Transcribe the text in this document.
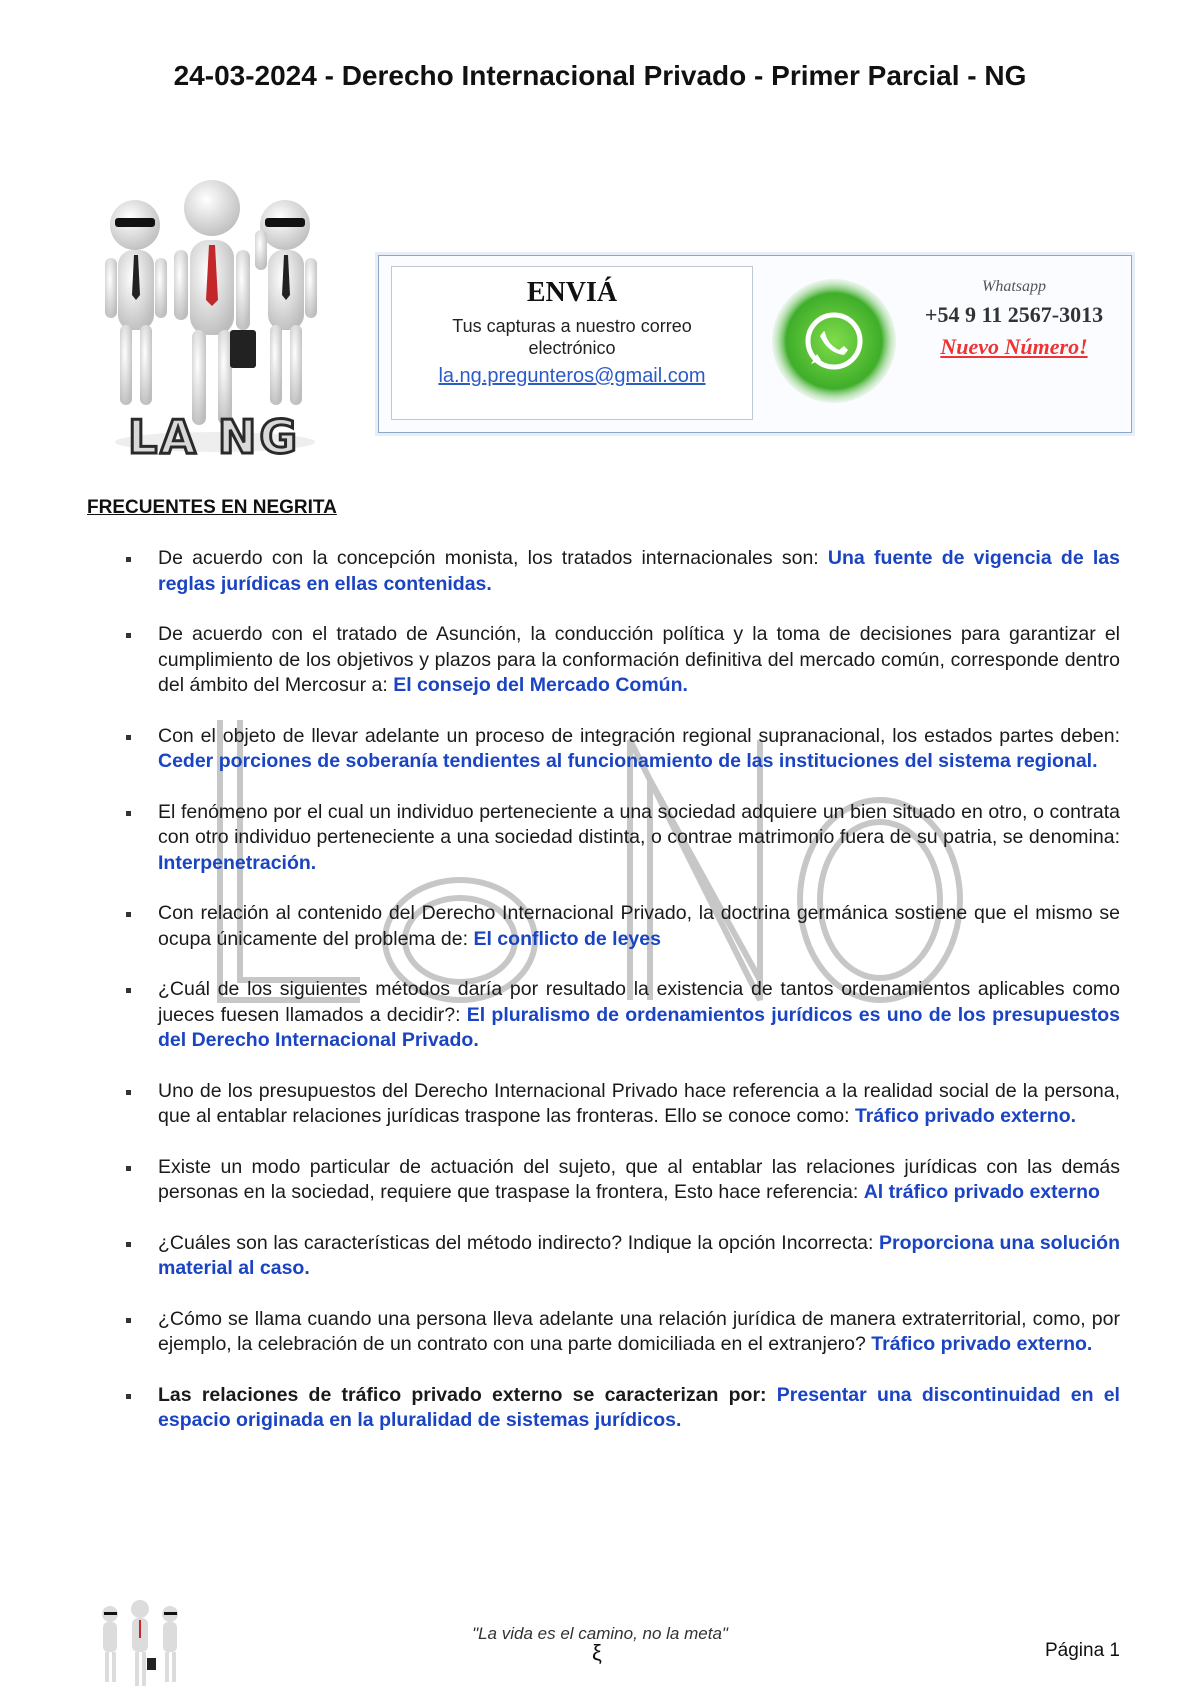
24-03-2024 - Derecho Internacional Privado - Primer Parcial - NG
LA NG
ENVIÁ
Tus capturas a nuestro correo electrónico
la.ng.pregunteros@gmail.com
Whatsapp
+54 9 11 2567-3013
Nuevo Número!
FRECUENTES EN NEGRITA
De acuerdo con la concepción monista, los tratados internacionales son: Una fuente de vigencia de las reglas jurídicas en ellas contenidas.
De acuerdo con el tratado de Asunción, la conducción política y la toma de decisiones para garantizar el cumplimiento de los objetivos y plazos para la conformación definitiva del mercado común, corresponde dentro del ámbito del Mercosur a: El consejo del Mercado Común.
Con el objeto de llevar adelante un proceso de integración regional supranacional, los estados partes deben: Ceder porciones de soberanía tendientes al funcionamiento de las instituciones del sistema regional.
El fenómeno por el cual un individuo perteneciente a una sociedad adquiere un bien situado en otro, o contrata con otro individuo perteneciente a una sociedad distinta, o contrae matrimonio fuera de su patria, se denomina: Interpenetración.
Con relación al contenido del Derecho Internacional Privado, la doctrina germánica sostiene que el mismo se ocupa únicamente del problema de: El conflicto de leyes
¿Cuál de los siguientes métodos daría por resultado la existencia de tantos ordenamientos aplicables como jueces fuesen llamados a decidir?: El pluralismo de ordenamientos jurídicos es uno de los presupuestos del Derecho Internacional Privado.
Uno de los presupuestos del Derecho Internacional Privado hace referencia a la realidad social de la persona, que al entablar relaciones jurídicas traspone las fronteras. Ello se conoce como: Tráfico privado externo.
Existe un modo particular de actuación del sujeto, que al entablar las relaciones jurídicas con las demás personas en la sociedad, requiere que traspase la frontera, Esto hace referencia: Al tráfico privado externo
¿Cuáles son las características del método indirecto? Indique la opción Incorrecta: Proporciona una solución material al caso.
¿Cómo se llama cuando una persona lleva adelante una relación jurídica de manera extraterritorial, como, por ejemplo, la celebración de un contrato con una parte domiciliada en el extranjero? Tráfico privado externo.
Las relaciones de tráfico privado externo se caracterizan por: Presentar una discontinuidad en el espacio originada en la pluralidad de sistemas jurídicos.
"La vida es el camino, no la meta"
ξ	Página 1
